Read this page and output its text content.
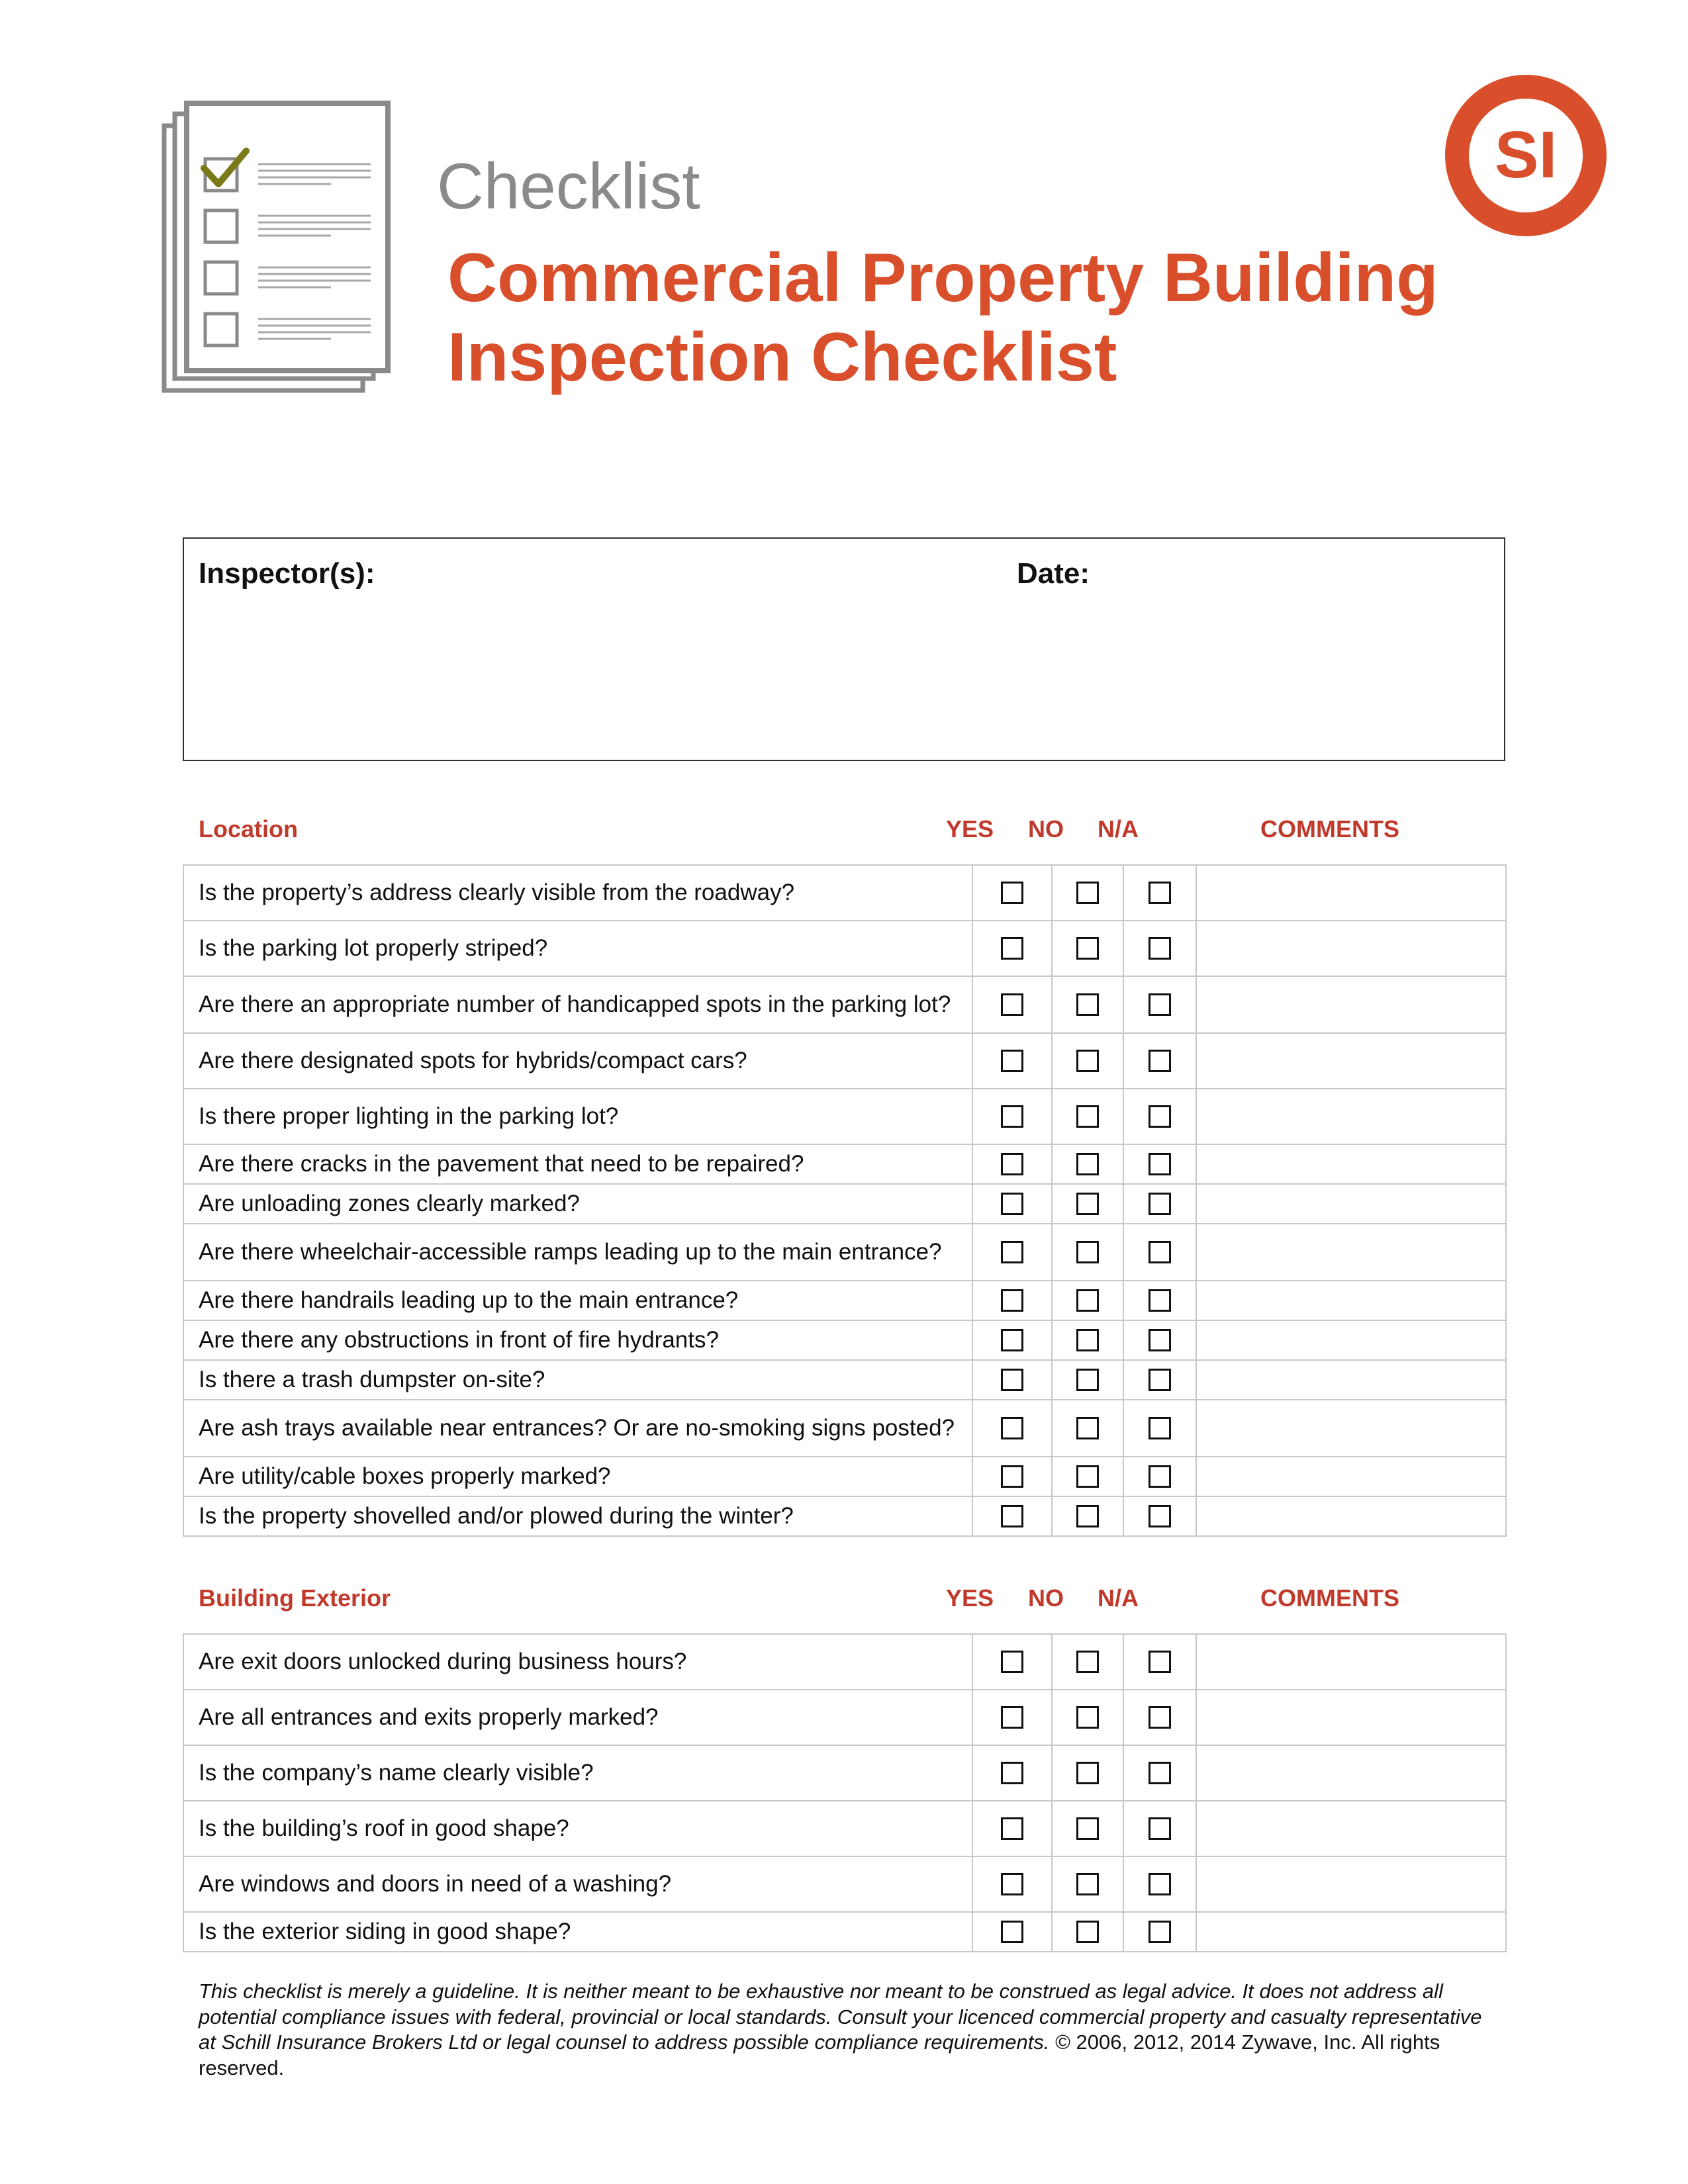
Checklist
Commercial Property Building
Inspection Checklist
SI
Inspector(s):	Date:
Location	YES	NO	N/A	COMMENTS
Is the property’s address clearly visible from the roadway?				
Is the parking lot properly striped?				
Are there an appropriate number of handicapped spots in the parking lot?				
Are there designated spots for hybrids/compact cars?				
Is there proper lighting in the parking lot?				
Are there cracks in the pavement that need to be repaired?				
Are unloading zones clearly marked?				
Are there wheelchair-accessible ramps leading up to the main entrance?				
Are there handrails leading up to the main entrance?				
Are there any obstructions in front of fire hydrants?				
Is there a trash dumpster on-site?				
Are ash trays available near entrances? Or are no-smoking signs posted?				
Are utility/cable boxes properly marked?				
Is the property shovelled and/or plowed during the winter?				
Building Exterior	YES	NO	N/A	COMMENTS
Are exit doors unlocked during business hours?				
Are all entrances and exits properly marked?				
Is the company’s name clearly visible?				
Is the building’s roof in good shape?				
Are windows and doors in need of a washing?				
Is the exterior siding in good shape?				
This checklist is merely a guideline. It is neither meant to be exhaustive nor meant to be construed as legal advice. It does not address all potential compliance issues with federal, provincial or local standards. Consult your licenced commercial property and casualty representative at Schill Insurance Brokers Ltd or legal counsel to address possible compliance requirements. © 2006, 2012, 2014 Zywave, Inc. All rights reserved.
